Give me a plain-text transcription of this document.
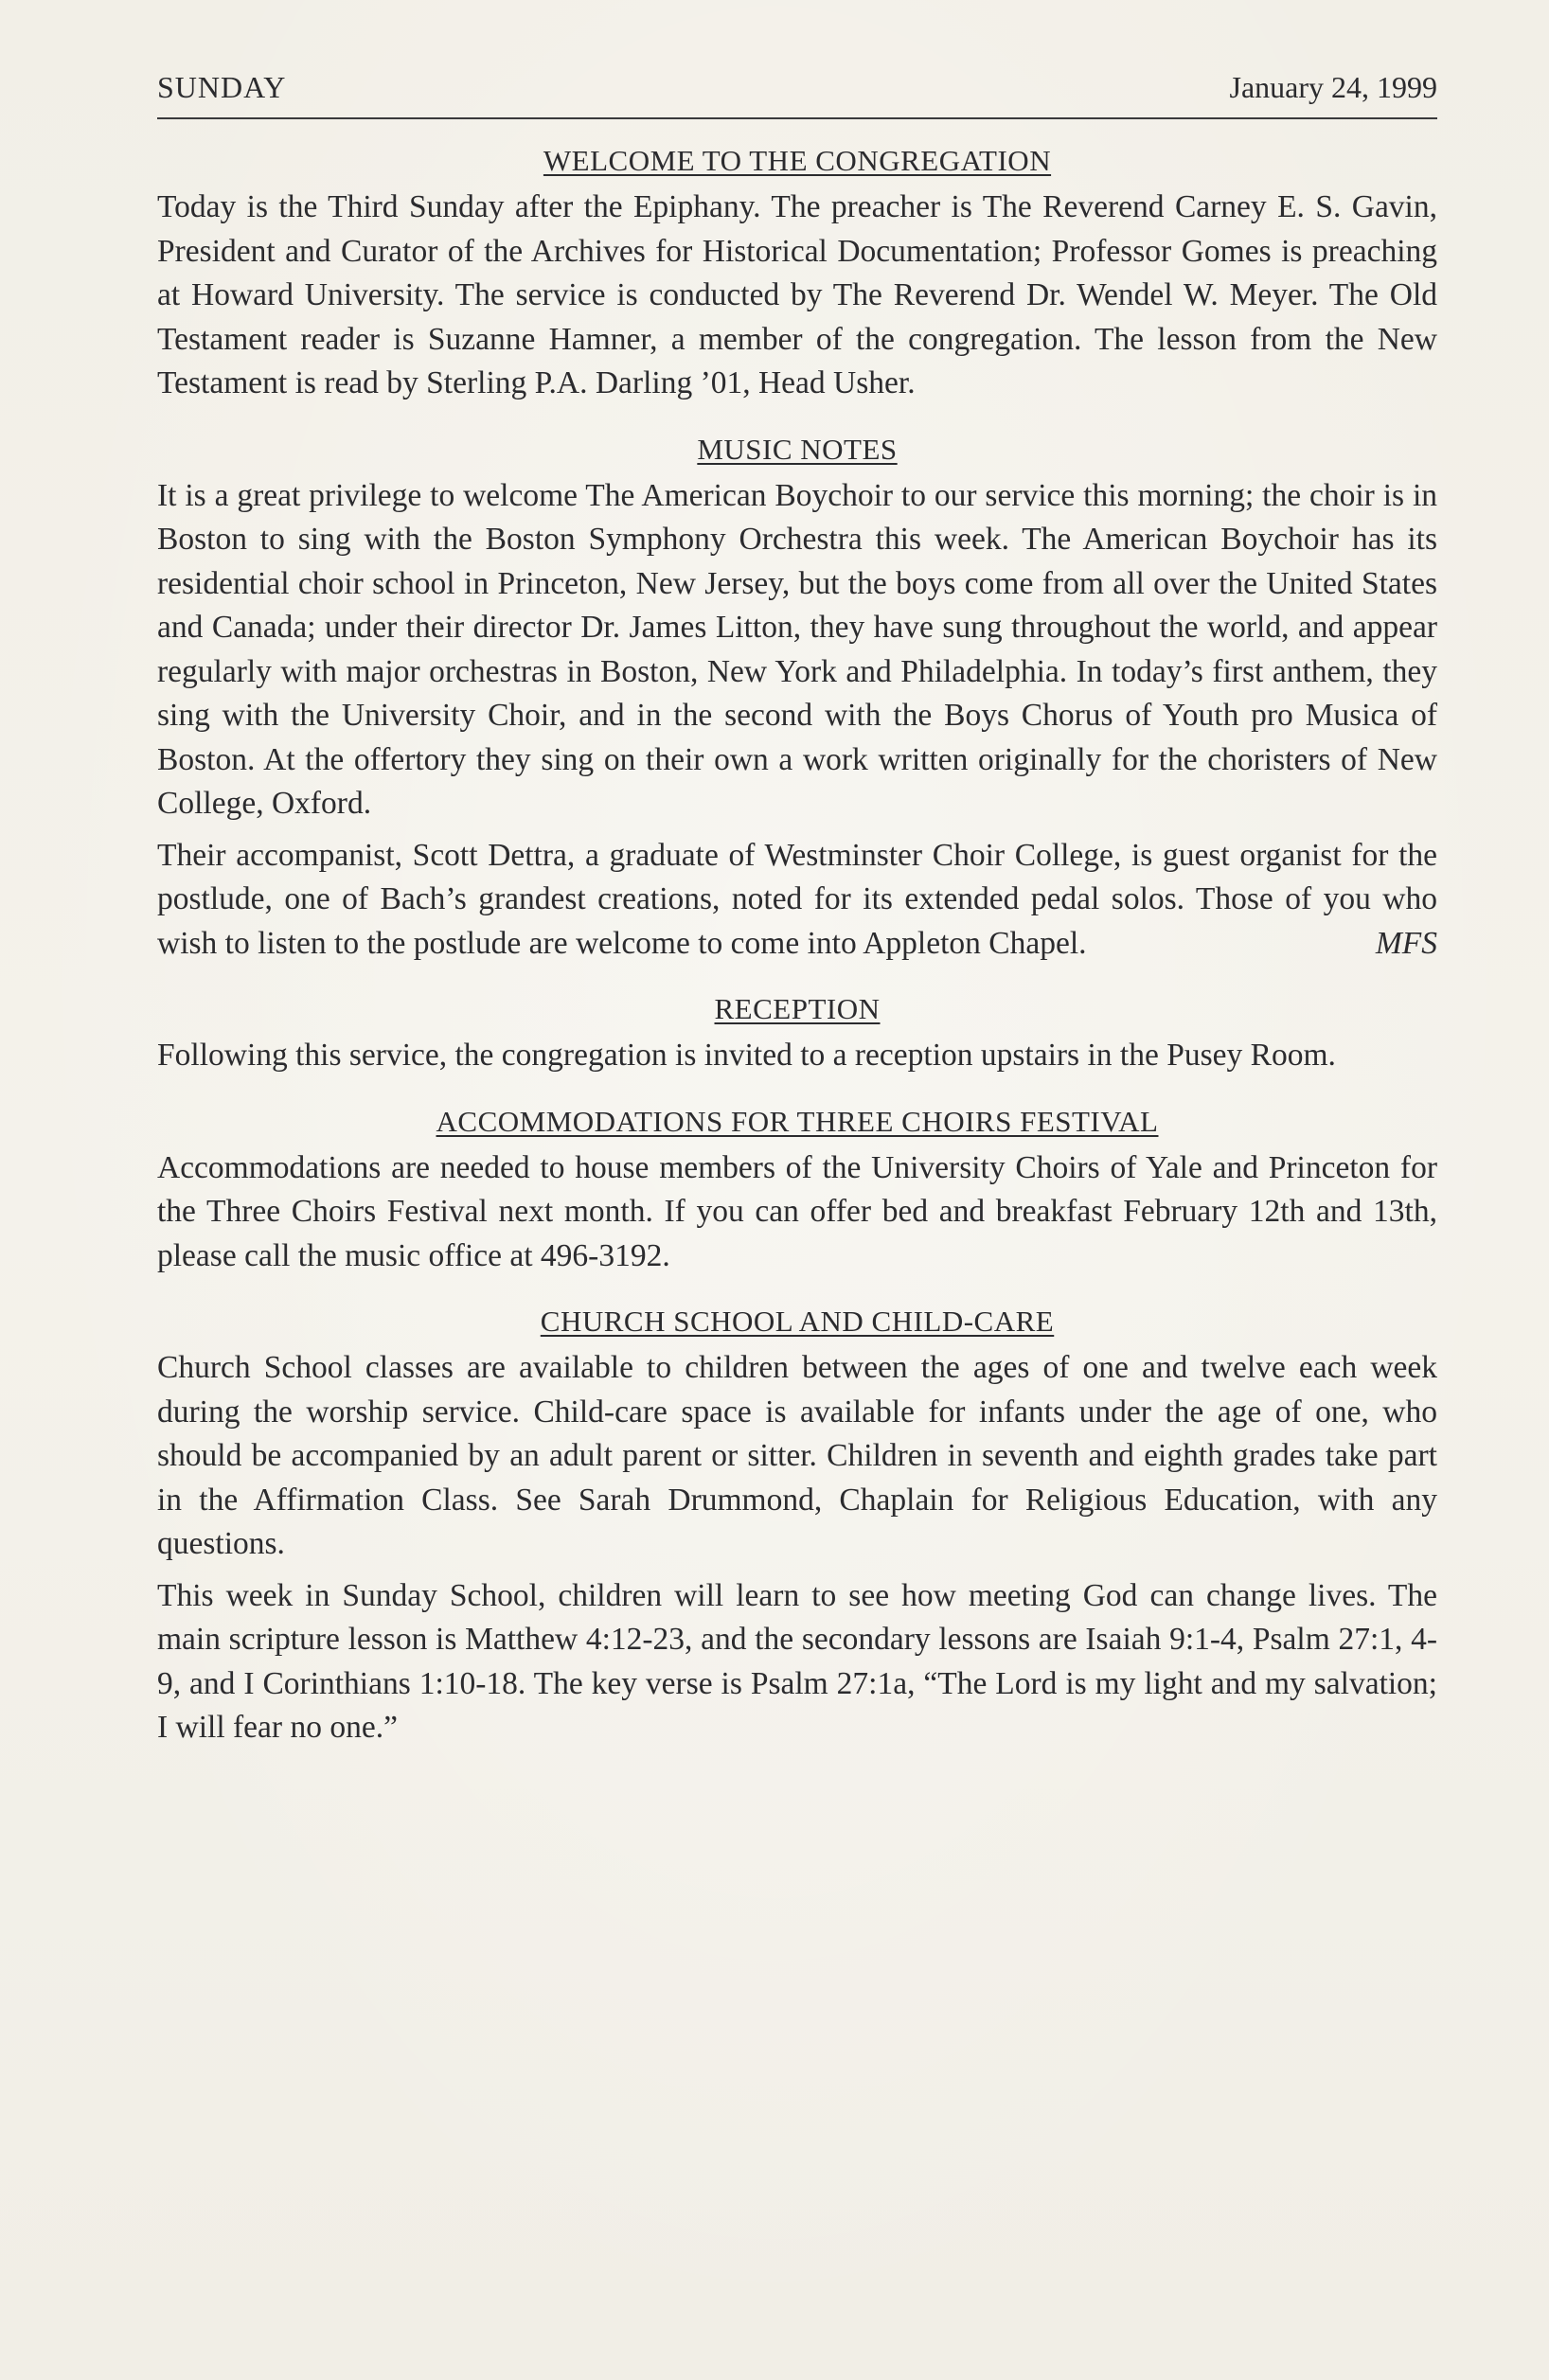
SUNDAY	January 24, 1999
WELCOME TO THE CONGREGATION

Today is the Third Sunday after the Epiphany. The preacher is The Reverend Carney E. S. Gavin, President and Curator of the Archives for Historical Documentation; Professor Gomes is preaching at Howard University. The service is conducted by The Reverend Dr. Wendel W. Meyer. The Old Testament reader is Suzanne Hamner, a member of the congregation. The lesson from the New Testament is read by Sterling P.A. Darling ’01, Head Usher.

MUSIC NOTES

It is a great privilege to welcome The American Boychoir to our service this morning; the choir is in Boston to sing with the Boston Symphony Orchestra this week. The American Boychoir has its residential choir school in Princeton, New Jersey, but the boys come from all over the United States and Canada; under their director Dr. James Litton, they have sung throughout the world, and appear regularly with major orchestras in Boston, New York and Philadelphia. In today’s first anthem, they sing with the University Choir, and in the second with the Boys Chorus of Youth pro Musica of Boston. At the offertory they sing on their own a work written originally for the choristers of New College, Oxford.

Their accompanist, Scott Dettra, a graduate of Westminster Choir College, is guest organist for the postlude, one of Bach’s grandest creations, noted for its extended pedal solos. Those of you who wish to listen to the postlude are welcome to come into Appleton Chapel.	MFS

RECEPTION

Following this service, the congregation is invited to a reception upstairs in the Pusey Room.

ACCOMMODATIONS FOR THREE CHOIRS FESTIVAL

Accommodations are needed to house members of the University Choirs of Yale and Princeton for the Three Choirs Festival next month. If you can offer bed and breakfast February 12th and 13th, please call the music office at 496-3192.

CHURCH SCHOOL AND CHILD-CARE

Church School classes are available to children between the ages of one and twelve each week during the worship service. Child-care space is available for infants under the age of one, who should be accompanied by an adult parent or sitter. Children in seventh and eighth grades take part in the Affirmation Class. See Sarah Drummond, Chaplain for Religious Education, with any questions.

This week in Sunday School, children will learn to see how meeting God can change lives. The main scripture lesson is Matthew 4:12-23, and the secondary lessons are Isaiah 9:1-4, Psalm 27:1, 4-9, and I Corinthians 1:10-18. The key verse is Psalm 27:1a, “The Lord is my light and my salvation; I will fear no one.”
